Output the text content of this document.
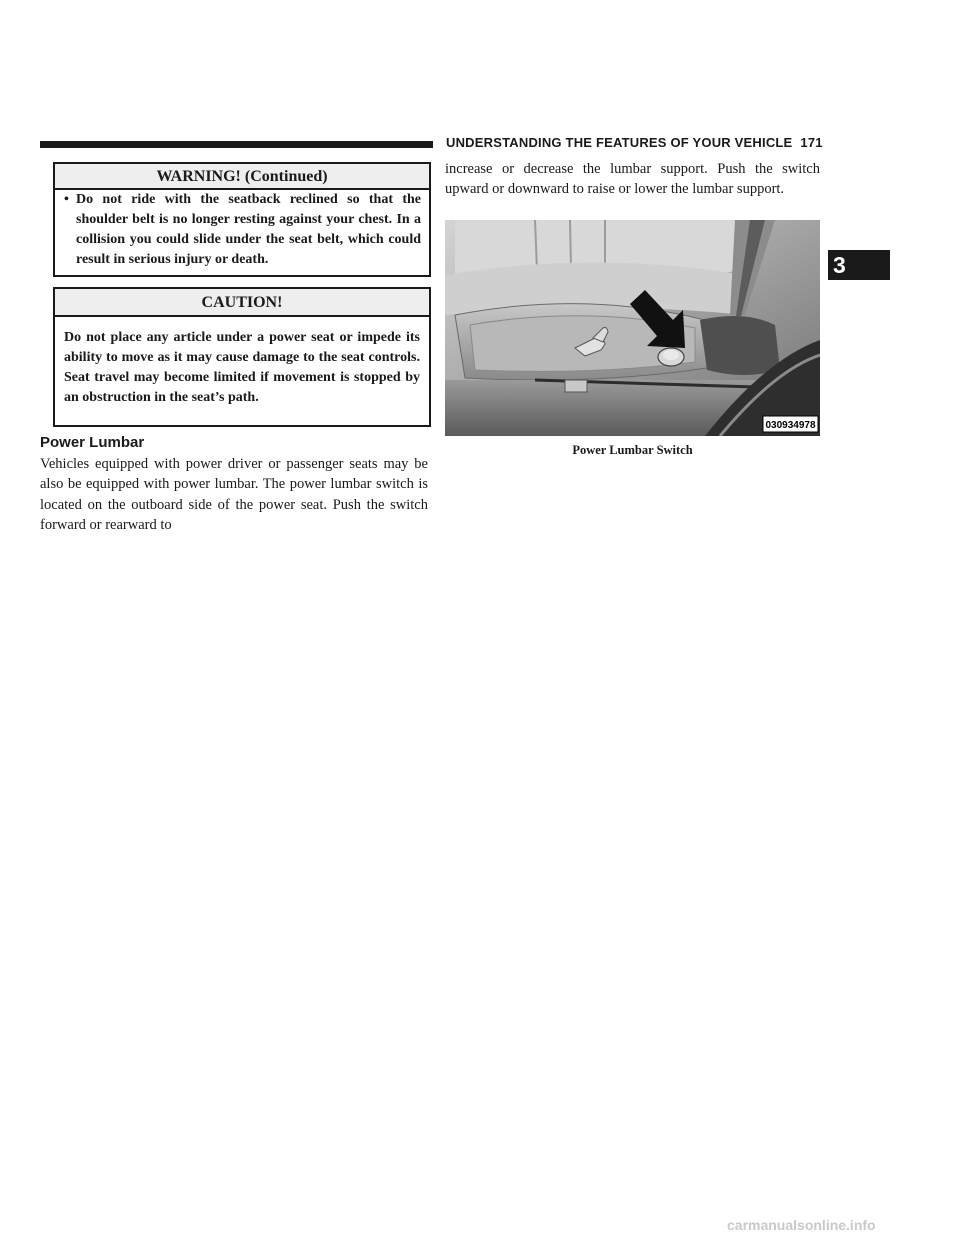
UNDERSTANDING THE FEATURES OF YOUR VEHICLE 171
3
WARNING! (Continued)
• Do not ride with the seatback reclined so that the shoulder belt is no longer resting against your chest. In a collision you could slide under the seat belt, which could result in serious injury or death.

CAUTION!
Do not place any article under a power seat or impede its ability to move as it may cause damage to the seat controls. Seat travel may become limited if movement is stopped by an obstruction in the seat’s path.
Power Lumbar
Vehicles equipped with power driver or passenger seats may be also be equipped with power lumbar. The power lumbar switch is located on the outboard side of the power seat. Push the switch forward or rearward to
increase or decrease the lumbar support. Push the switch upward or downward to raise or lower the lumbar support.
030934978
Power Lumbar Switch
carmanualsonline.info
